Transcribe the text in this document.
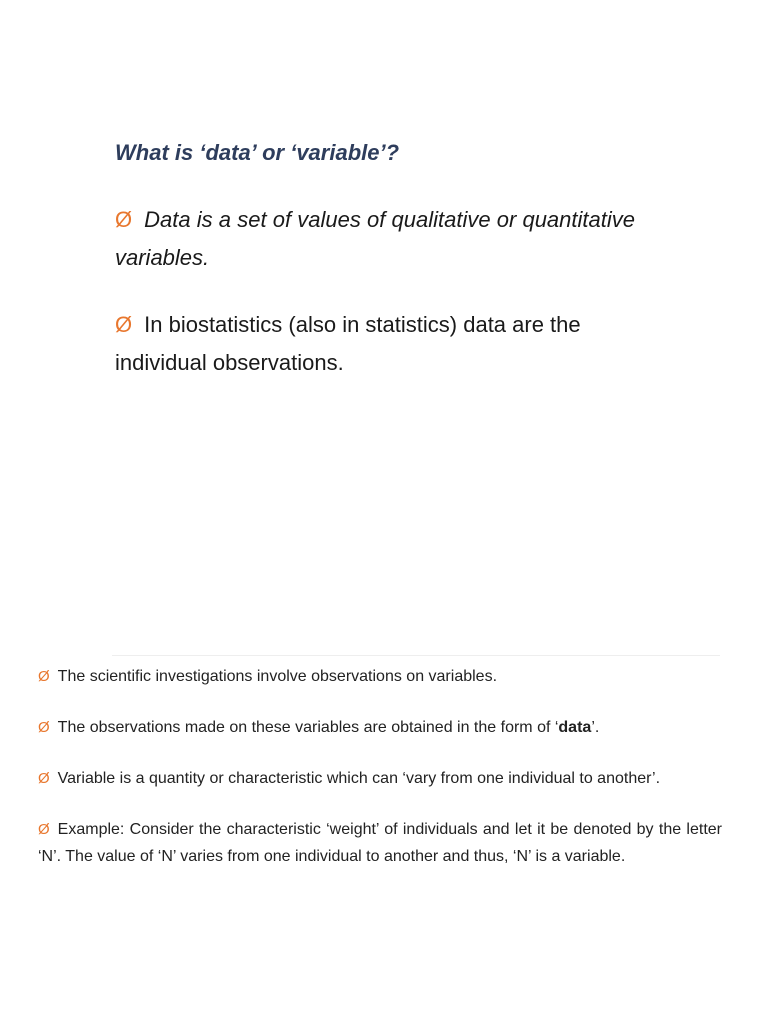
What is ‘data’ or ‘variable’?

Ø Data is a set of values of qualitative or quantitative variables.

Ø In biostatistics (also in statistics) data are the individual observations.

Ø The scientific investigations involve observations on variables.

Ø The observations made on these variables are obtained in the form of ‘data’.

Ø Variable is a quantity or characteristic which can ‘vary from one individual to another’.

Ø Example: Consider the characteristic ‘weight’ of individuals and let it be denoted by the letter ‘N’. The value of ‘N’ varies from one individual to another and thus, ‘N’ is a variable.
